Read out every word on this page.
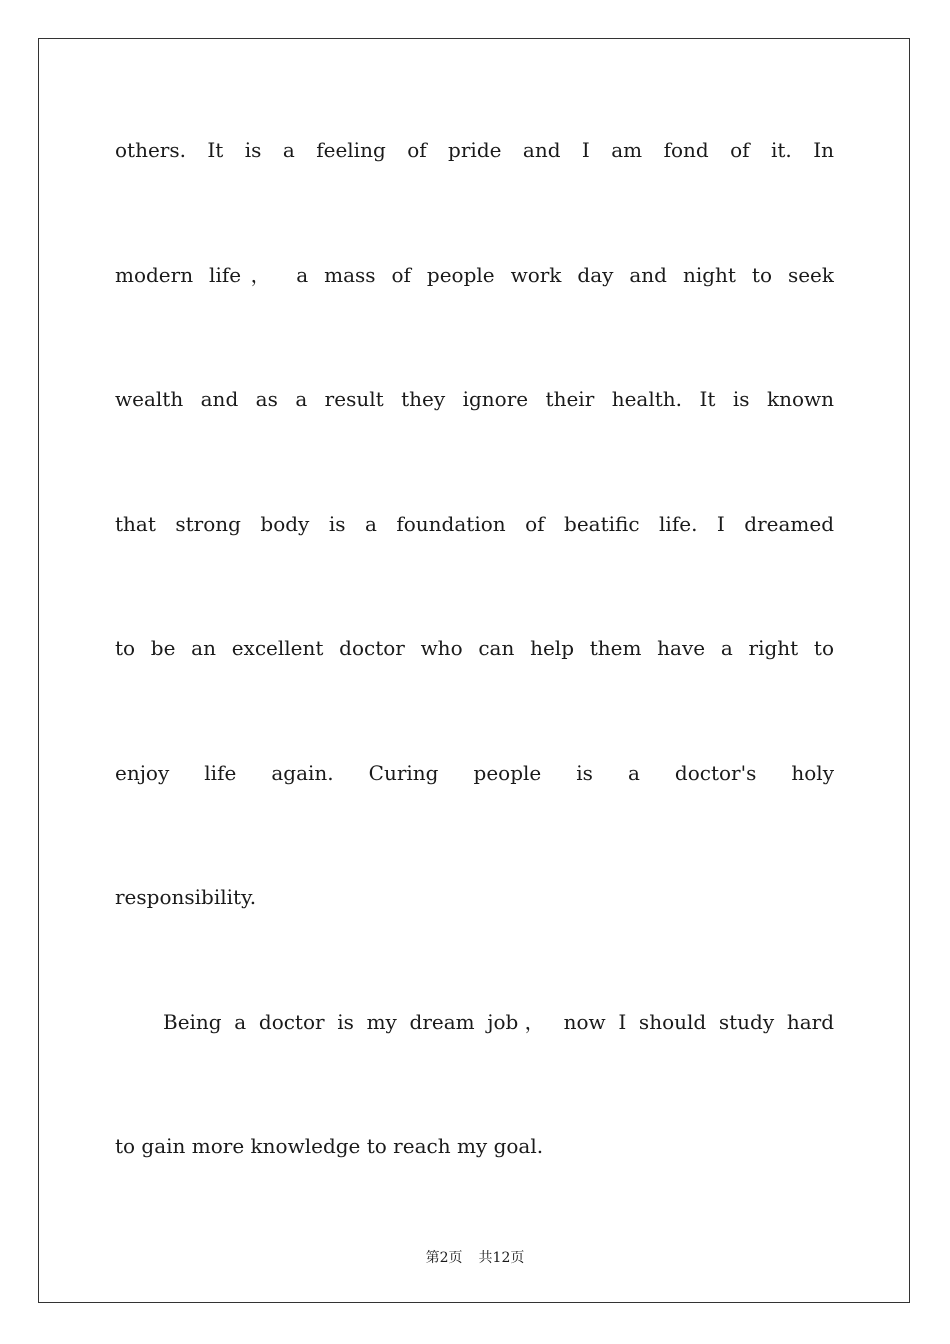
others. It is a feeling of pride and I am fond of it. In
modern life， a mass of people work day and night to seek
wealth and as a result they ignore their health. It is known
that strong body is a foundation of beatific life. I dreamed
to be an excellent doctor who can help them have a right to
enjoy life again. Curing people is a doctor's holy
responsibility.
Being a doctor is my dream job， now I should study hard
to gain more knowledge to reach my goal.
第2页 共12页
